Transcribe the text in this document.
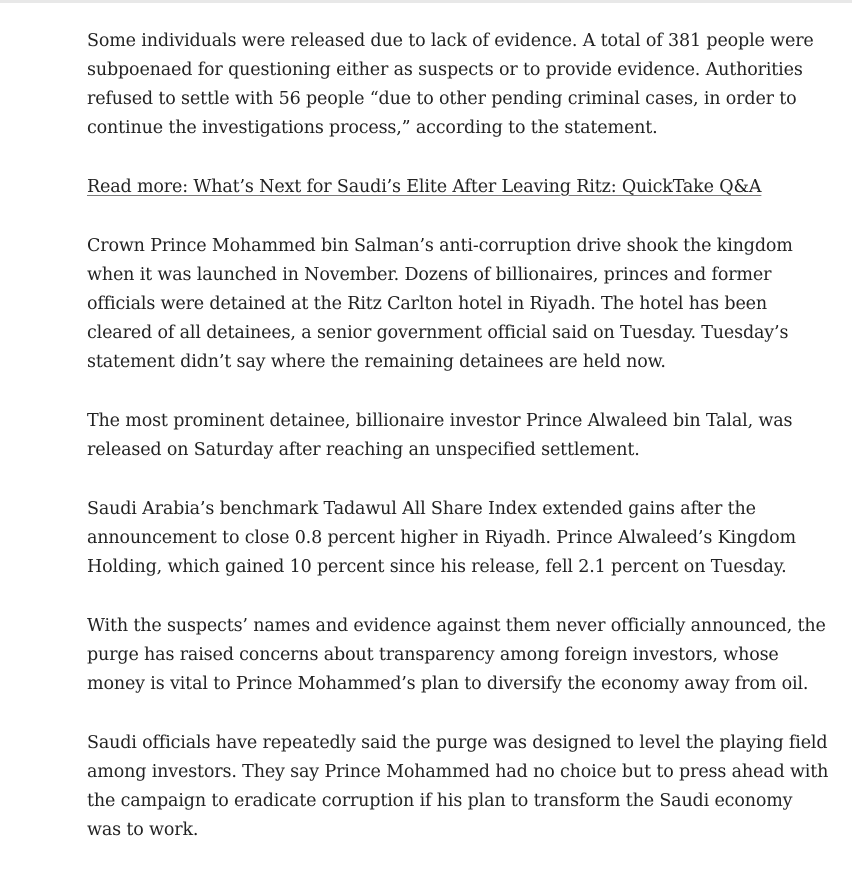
Some individuals were released due to lack of evidence. A total of 381 people were subpoenaed for questioning either as suspects or to provide evidence. Authorities refused to settle with 56 people “due to other pending criminal cases, in order to continue the investigations process,” according to the statement.

Read more: What’s Next for Saudi’s Elite After Leaving Ritz: QuickTake Q&A

Crown Prince Mohammed bin Salman’s anti-corruption drive shook the kingdom when it was launched in November. Dozens of billionaires, princes and former officials were detained at the Ritz Carlton hotel in Riyadh. The hotel has been cleared of all detainees, a senior government official said on Tuesday. Tuesday’s statement didn’t say where the remaining detainees are held now.

The most prominent detainee, billionaire investor Prince Alwaleed bin Talal, was released on Saturday after reaching an unspecified settlement.

Saudi Arabia’s benchmark Tadawul All Share Index extended gains after the announcement to close 0.8 percent higher in Riyadh. Prince Alwaleed’s Kingdom Holding, which gained 10 percent since his release, fell 2.1 percent on Tuesday.

With the suspects’ names and evidence against them never officially announced, the purge has raised concerns about transparency among foreign investors, whose money is vital to Prince Mohammed’s plan to diversify the economy away from oil.

Saudi officials have repeatedly said the purge was designed to level the playing field among investors. They say Prince Mohammed had no choice but to press ahead with the campaign to eradicate corruption if his plan to transform the Saudi economy was to work.
